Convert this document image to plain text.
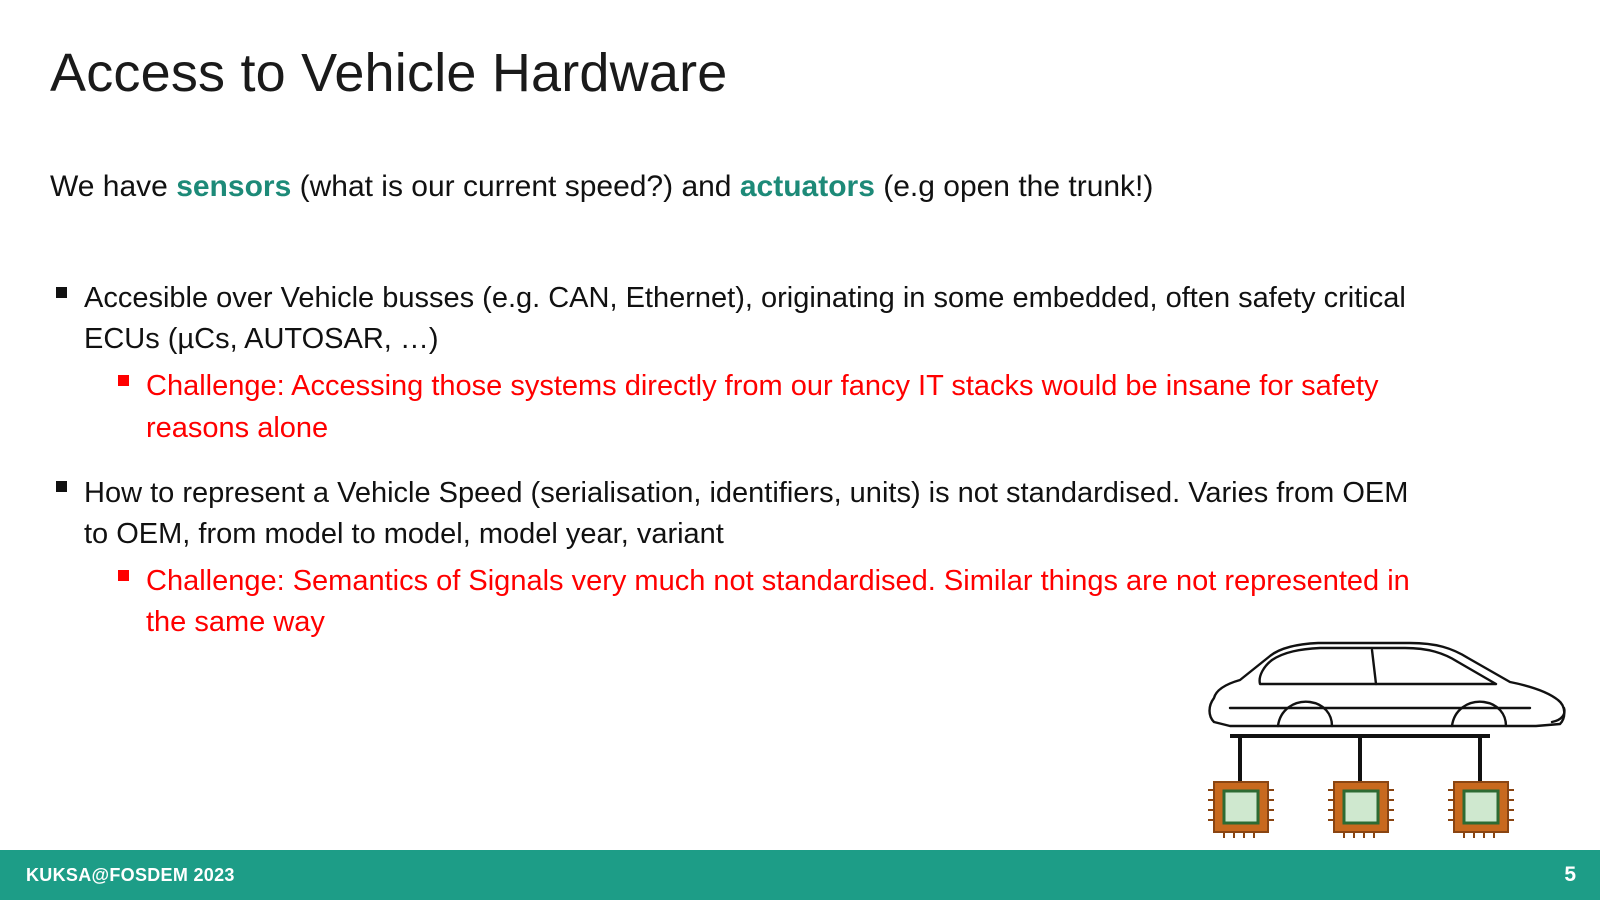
Access to Vehicle Hardware
We have sensors (what is our current speed?) and actuators (e.g open the trunk!)
Accesible over Vehicle busses (e.g. CAN, Ethernet), originating in some embedded, often safety critical ECUs (µCs, AUTOSAR, …)
Challenge: Accessing those systems directly from our fancy IT stacks would be insane for safety reasons alone
How to represent a Vehicle Speed (serialisation, identifiers, units) is not standardised. Varies from OEM to OEM, from model to model, model year, variant
Challenge: Semantics of Signals very much not standardised. Similar things are not represented in the same way
KUKSA@FOSDEM 2023	5
